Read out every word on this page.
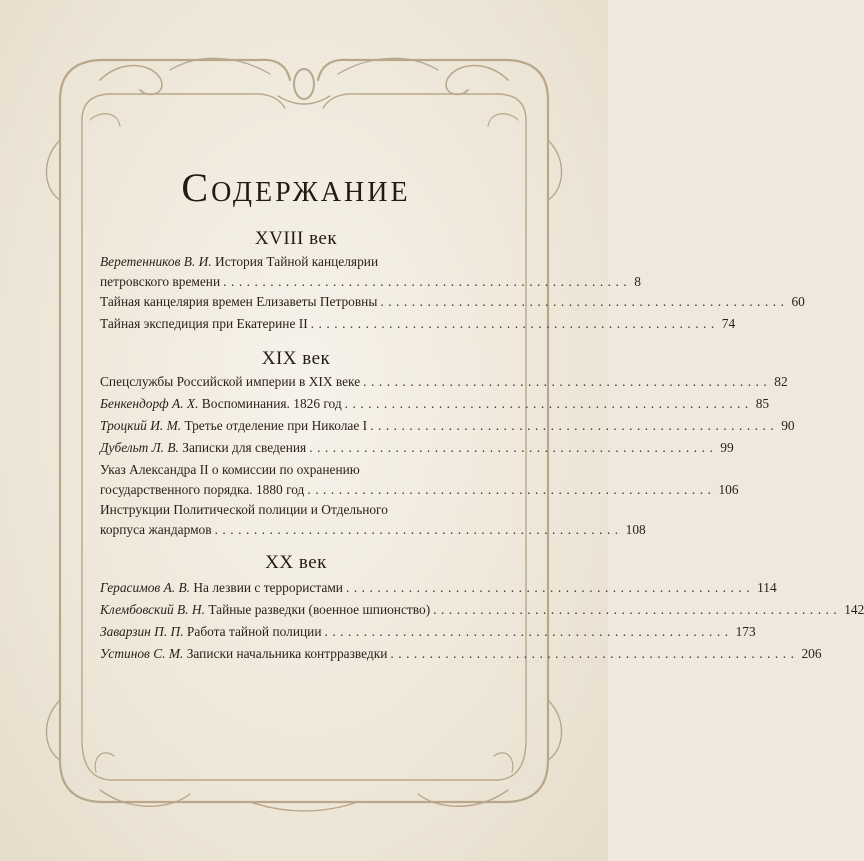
Содержание
XVIII век
Веретенников В. И. История Тайной канцелярии
петровского времени .................................................... 8
Тайная канцелярия времен Елизаветы Петровны .................................................... 60
Тайная экспедиция при Екатерине II .................................................... 74
XIX век
Спецслужбы Российской империи в XIX веке .................................................... 82
Бенкендорф А. Х. Воспоминания. 1826 год .................................................... 85
Троцкий И. М. Третье отделение при Николае I .................................................... 90
Дубельт Л. В. Записки для сведения .................................................... 99
Указ Александра II о комиссии по охранению
государственного порядка. 1880 год .................................................... 106
Инструкции Политической полиции и Отдельного
корпуса жандармов .................................................... 108
XX век
Герасимов А. В. На лезвии с террористами .................................................... 114
Клембовский В. Н. Тайные разведки (военное шпионство) .................................................... 142
Заварзин П. П. Работа тайной полиции .................................................... 173
Устинов С. М. Записки начальника контрразведки .................................................... 206
